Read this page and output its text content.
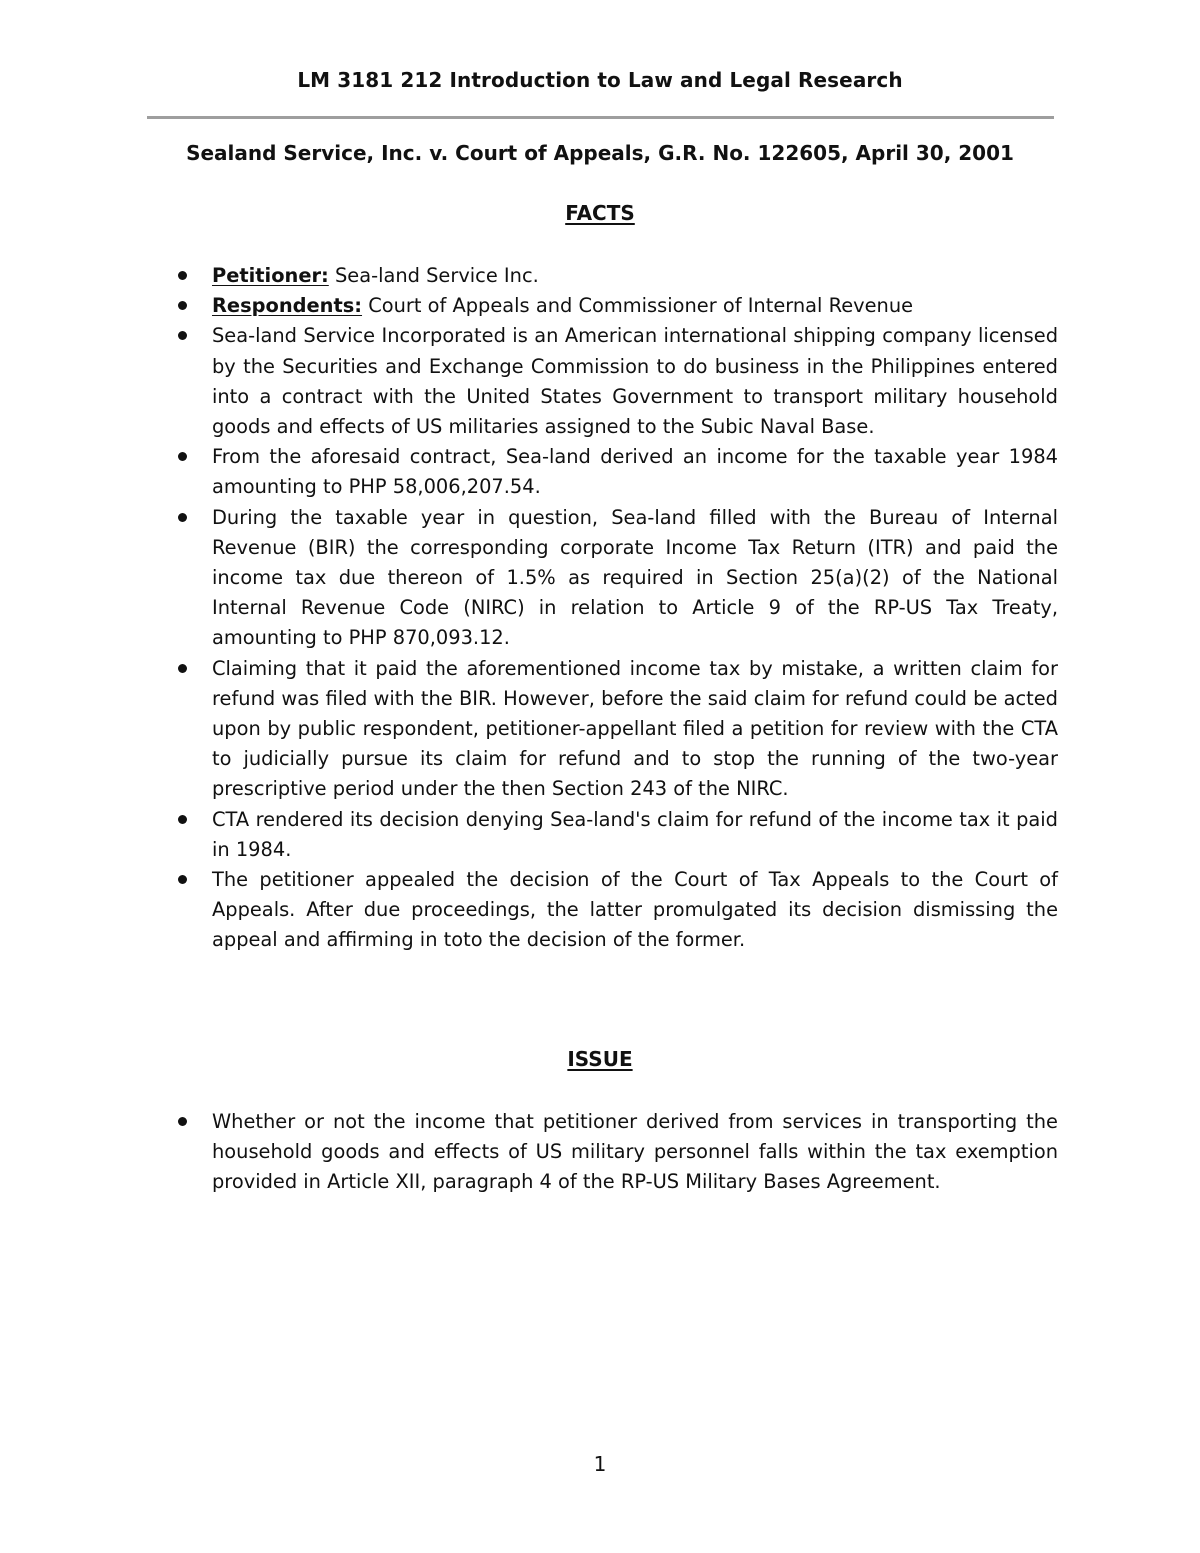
LM 3181 212 Introduction to Law and Legal Research
Sealand Service, Inc. v. Court of Appeals, G.R. No. 122605, April 30, 2001
FACTS
Petitioner: Sea-land Service Inc.
Respondents: Court of Appeals and Commissioner of Internal Revenue
Sea-land Service Incorporated is an American international shipping company licensed by the Securities and Exchange Commission to do business in the Philippines entered into a contract with the United States Government to transport military household goods and effects of US militaries assigned to the Subic Naval Base.
From the aforesaid contract, Sea-land derived an income for the taxable year 1984 amounting to PHP 58,006,207.54.
During the taxable year in question, Sea-land filled with the Bureau of Internal Revenue (BIR) the corresponding corporate Income Tax Return (ITR) and paid the income tax due thereon of 1.5% as required in Section 25(a)(2) of the National Internal Revenue Code (NIRC) in relation to Article 9 of the RP-US Tax Treaty, amounting to PHP 870,093.12.
Claiming that it paid the aforementioned income tax by mistake, a written claim for refund was filed with the BIR. However, before the said claim for refund could be acted upon by public respondent, petitioner-appellant filed a petition for review with the CTA to judicially pursue its claim for refund and to stop the running of the two-year prescriptive period under the then Section 243 of the NIRC.
CTA rendered its decision denying Sea-land's claim for refund of the income tax it paid in 1984.
The petitioner appealed the decision of the Court of Tax Appeals to the Court of Appeals. After due proceedings, the latter promulgated its decision dismissing the appeal and affirming in toto the decision of the former.
ISSUE
Whether or not the income that petitioner derived from services in transporting the household goods and effects of US military personnel falls within the tax exemption provided in Article XII, paragraph 4 of the RP-US Military Bases Agreement.
1
